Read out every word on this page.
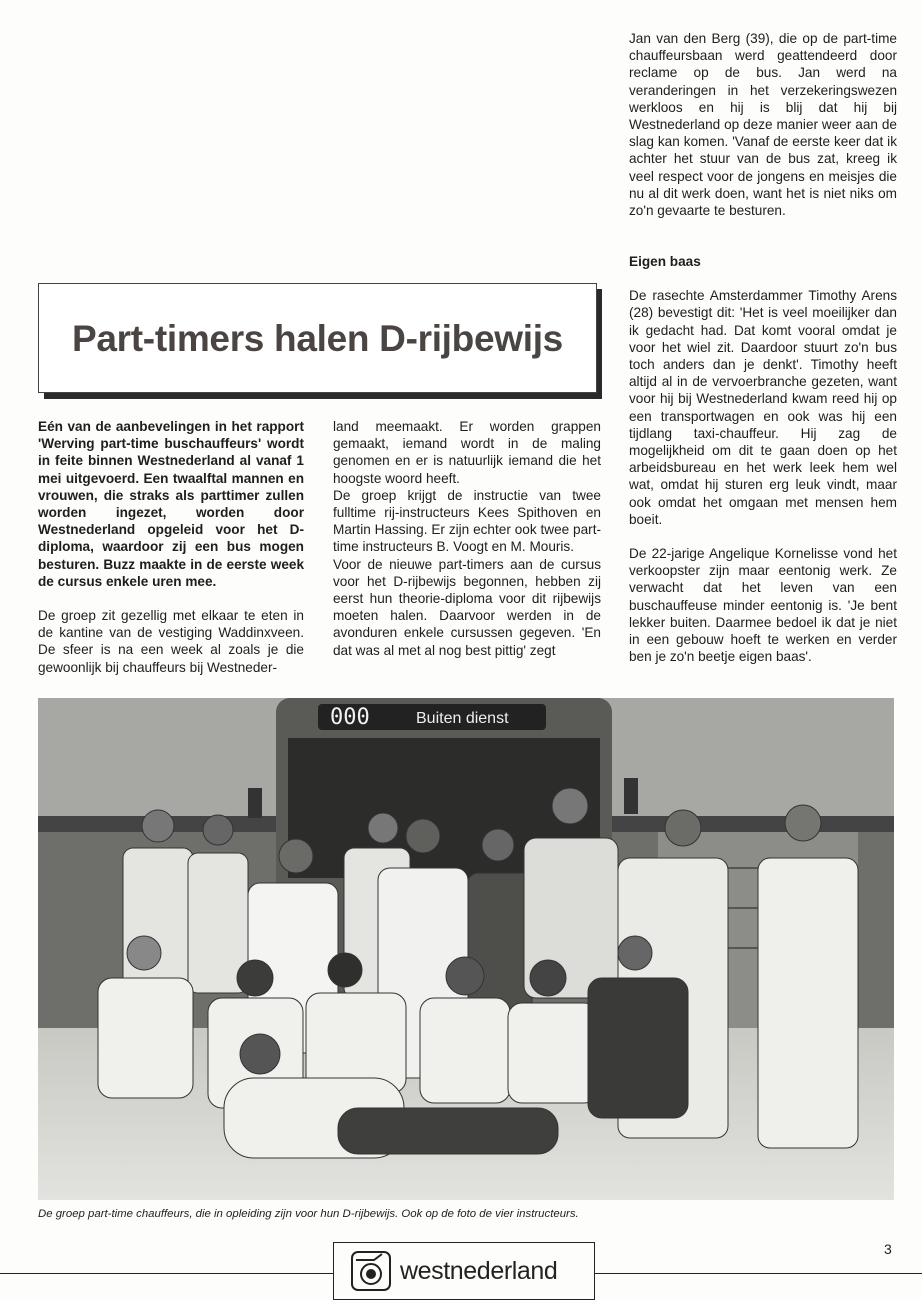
Jan van den Berg (39), die op de part-time chauffeursbaan werd geattendeerd door reclame op de bus. Jan werd na veranderingen in het verzekeringswezen werkloos en hij is blij dat hij bij Westnederland op deze manier weer aan de slag kan komen. 'Vanaf de eerste keer dat ik achter het stuur van de bus zat, kreeg ik veel respect voor de jongens en meisjes die nu al dit werk doen, want het is niet niks om zo'n gevaarte te besturen.

Part-timers halen D-rijbewijs

Eén van de aanbevelingen in het rapport 'Werving part-time buschauffeurs' wordt in feite binnen Westnederland al vanaf 1 mei uitgevoerd. Een twaalftal mannen en vrouwen, die straks als parttimer zullen worden ingezet, worden door Westnederland opgeleid voor het D-diploma, waardoor zij een bus mogen besturen. Buzz maakte in de eerste week de cursus enkele uren mee.

De groep zit gezellig met elkaar te eten in de kantine van de vestiging Waddinxveen. De sfeer is na een week al zoals je die gewoonlijk bij chauffeurs bij Westneder-

land meemaakt. Er worden grappen gemaakt, iemand wordt in de maling genomen en er is natuurlijk iemand die het hoogste woord heeft.

De groep krijgt de instructie van twee fulltime rij-instructeurs Kees Spithoven en Martin Hassing. Er zijn echter ook twee part-time instructeurs B. Voogt en M. Mouris.

Voor de nieuwe part-timers aan de cursus voor het D-rijbewijs begonnen, hebben zij eerst hun theorie-diploma voor dit rijbewijs moeten halen. Daarvoor werden in de avonduren enkele cursussen gegeven. 'En dat was al met al nog best pittig' zegt

Eigen baas

De rasechte Amsterdammer Timothy Arens (28) bevestigt dit: 'Het is veel moeilijker dan ik gedacht had. Dat komt vooral omdat je voor het wiel zit. Daardoor stuurt zo'n bus toch anders dan je denkt'. Timothy heeft altijd al in de vervoerbranche gezeten, want voor hij bij Westnederland kwam reed hij op een transportwagen en ook was hij een tijdlang taxi-chauffeur. Hij zag de mogelijkheid om dit te gaan doen op het arbeidsbureau en het werk leek hem wel wat, omdat hij sturen erg leuk vindt, maar ook omdat het omgaan met mensen hem boeit.

De 22-jarige Angelique Kornelisse vond het verkoopster zijn maar eentonig werk. Ze verwacht dat het leven van een buschauffeuse minder eentonig is. 'Je bent lekker buiten. Daarmee bedoel ik dat je niet in een gebouw hoeft te werken en verder ben je zo'n beetje eigen baas'.

000	Buiten dienst
De groep part-time chauffeurs, die in opleiding zijn voor hun D-rijbewijs. Ook op de foto de vier instructeurs.
westnederland
3
